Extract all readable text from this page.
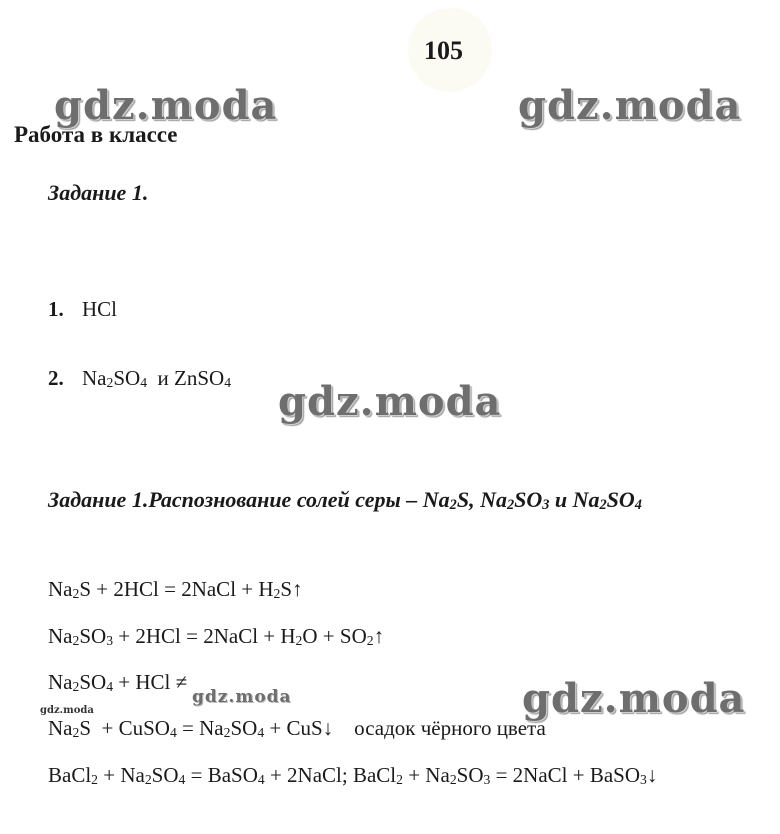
105
gdz.moda	gdz.moda
Работа в классе
Задание 1.
1. HCl
2. $Na_2SO_4$  и ZnSO$_4$ gdz.moda
Задание 1.Распознование солей серы – $Na_2S$, $Na_2SO_3$ и $Na_2SO_4$
$Na_2S + 2HCl$ = 2NaCl + $H_2S↑$
$Na_2SO_3 + 2HCl$ = 2NaCl + $H_2O$ + $SO_2↑$
$Na_2SO_4$ + HCl ≠
gdz.moda	gdz.moda
gdz.moda
$Na_2S$  + CuSO$_4$ = $Na_2SO_4$ + CuS↓    осадок чёрного цвета
BaCl$_2$ + $Na_2SO_4$ = BaSO$_4$ + 2NaCl; BaCl$_2$ + $Na_2SO_3$ = 2NaCl + BaSO$_3$↓
